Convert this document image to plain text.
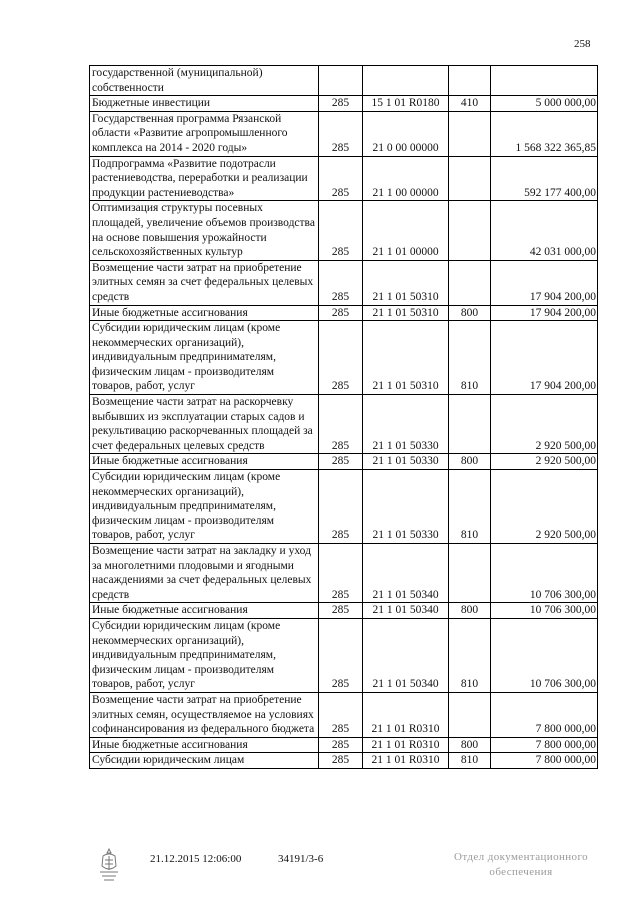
258
государственной (муниципальной) собственности				
Бюджетные инвестиции	285	15 1 01 R0180	410	5 000 000,00
Государственная программа Рязанской области «Развитие агропромышленного комплекса на 2014 - 2020 годы»	285	21 0 00 00000		1 568 322 365,85
Подпрограмма «Развитие подотрасли растениеводства, переработки и реализации продукции растениеводства»	285	21 1 00 00000		592 177 400,00
Оптимизация структуры посевных площадей, увеличение объемов производства на основе повышения урожайности сельскохозяйственных культур	285	21 1 01 00000		42 031 000,00
Возмещение части затрат на приобретение элитных семян за счет федеральных целевых средств	285	21 1 01 50310		17 904 200,00
Иные бюджетные ассигнования	285	21 1 01 50310	800	17 904 200,00
Субсидии юридическим лицам (кроме некоммерческих организаций), индивидуальным предпринимателям, физическим лицам - производителям товаров, работ, услуг	285	21 1 01 50310	810	17 904 200,00
Возмещение части затрат на раскорчевку выбывших из эксплуатации старых садов и рекультивацию раскорчеванных площадей за счет федеральных целевых средств	285	21 1 01 50330		2 920 500,00
Иные бюджетные ассигнования	285	21 1 01 50330	800	2 920 500,00
Субсидии юридическим лицам (кроме некоммерческих организаций), индивидуальным предпринимателям, физическим лицам - производителям товаров, работ, услуг	285	21 1 01 50330	810	2 920 500,00
Возмещение части затрат на закладку и уход за многолетними плодовыми и ягодными насаждениями за счет федеральных целевых средств	285	21 1 01 50340		10 706 300,00
Иные бюджетные ассигнования	285	21 1 01 50340	800	10 706 300,00
Субсидии юридическим лицам (кроме некоммерческих организаций), индивидуальным предпринимателям, физическим лицам - производителям товаров, работ, услуг	285	21 1 01 50340	810	10 706 300,00
Возмещение части затрат на приобретение элитных семян, осуществляемое на условиях софинансирования из федерального бюджета	285	21 1 01 R0310		7 800 000,00
Иные бюджетные ассигнования	285	21 1 01 R0310	800	7 800 000,00
Субсидии юридическим лицам	285	21 1 01 R0310	810	7 800 000,00
21.12.2015 12:06:00	34191/3-6	Отдел документационного
обеспечения
